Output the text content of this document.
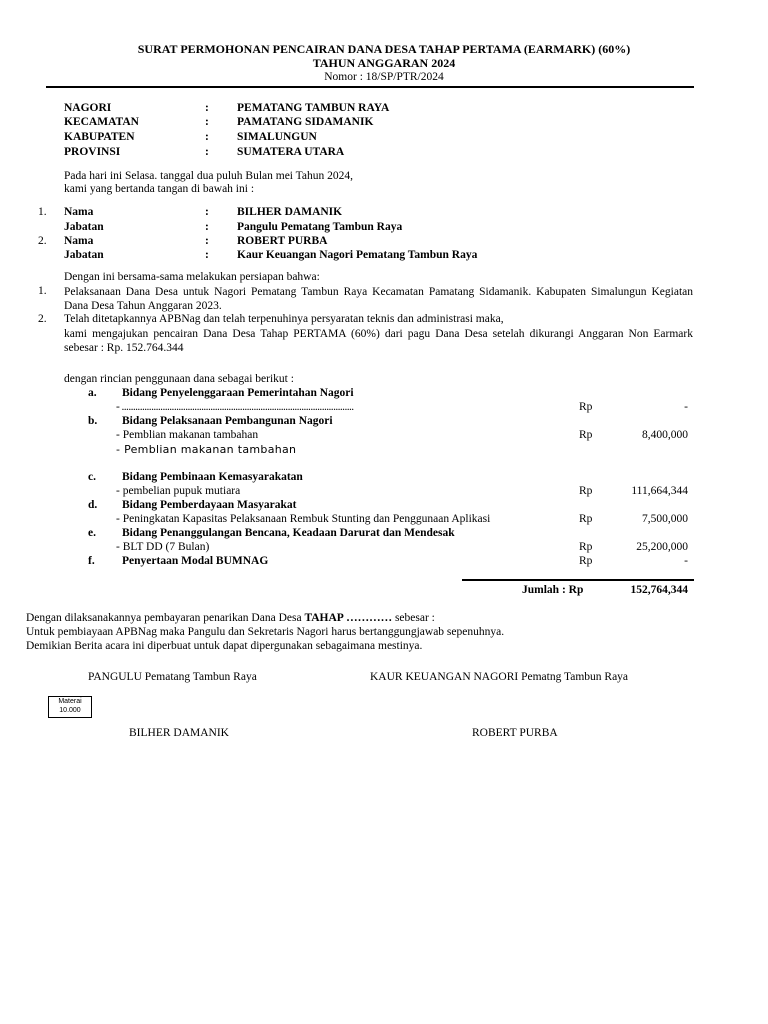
SURAT PERMOHONAN PENCAIRAN DANA DESA TAHAP PERTAMA (EARMARK) (60%)
TAHUN ANGGARAN 2024
Nomor : 18/SP/PTR/2024
NAGORI	: PEMATANG TAMBUN RAYA
KECAMATAN	: PAMATANG SIDAMANIK
KABUPATEN	: SIMALUNGUN
PROVINSI	: SUMATERA UTARA
Pada hari ini Selasa. tanggal dua puluh Bulan mei Tahun 2024,
kami yang bertanda tangan di bawah ini :
1. Nama	: BILHER DAMANIK
Jabatan	: Pangulu Pematang Tambun Raya
2. Nama	: ROBERT PURBA
Jabatan	: Kaur Keuangan Nagori Pematang Tambun Raya
Dengan ini bersama-sama melakukan persiapan bahwa:
1. Pelaksanaan Dana Desa untuk Nagori Pematang Tambun Raya Kecamatan Pamatang Sidamanik. Kabupaten Simalungun Kegiatan Dana Desa Tahun Anggaran 2023.
2. Telah ditetapkannya APBNag dan telah terpenuhinya persyaratan teknis dan administrasi maka,
kami mengajukan pencairan Dana Desa Tahap PERTAMA (60%) dari pagu Dana Desa setelah dikurangi Anggaran Non Earmark sebesar : Rp. 152.764.344
dengan rincian penggunaan dana sebagai berikut :
a. Bidang Penyelenggaraan Pemerintahan Nagori
- ......................................................................................................	Rp	-
b. Bidang Pelaksanaan Pembangunan Nagori
- Pemblian makanan tambahan	Rp	8,400,000
- Pemblian makanan tambahan
c. Bidang Pembinaan Kemasyarakatan
- pembelian pupuk mutiara	Rp	111,664,344
d. Bidang Pemberdayaan Masyarakat
- Peningkatan Kapasitas Pelaksanaan Rembuk Stunting dan Penggunaan Aplikasi	Rp	7,500,000
e. Bidang Penanggulangan Bencana, Keadaan Darurat dan Mendesak
- BLT DD (7 Bulan)	Rp	25,200,000
f. Penyertaan Modal BUMNAG	Rp	-
Jumlah : Rp	152,764,344
Dengan dilaksanakannya pembayaran penarikan Dana Desa TAHAP ………… sebesar :
Untuk pembiayaan APBNag maka Pangulu dan Sekretaris Nagori harus bertanggungjawab sepenuhnya.
Demikian Berita acara ini diperbuat untuk dapat dipergunakan sebagaimana mestinya.
PANGULU Pematang Tambun Raya	KAUR KEUANGAN NAGORI Pematng Tambun Raya
Materai
10.000
BILHER DAMANIK	ROBERT PURBA
